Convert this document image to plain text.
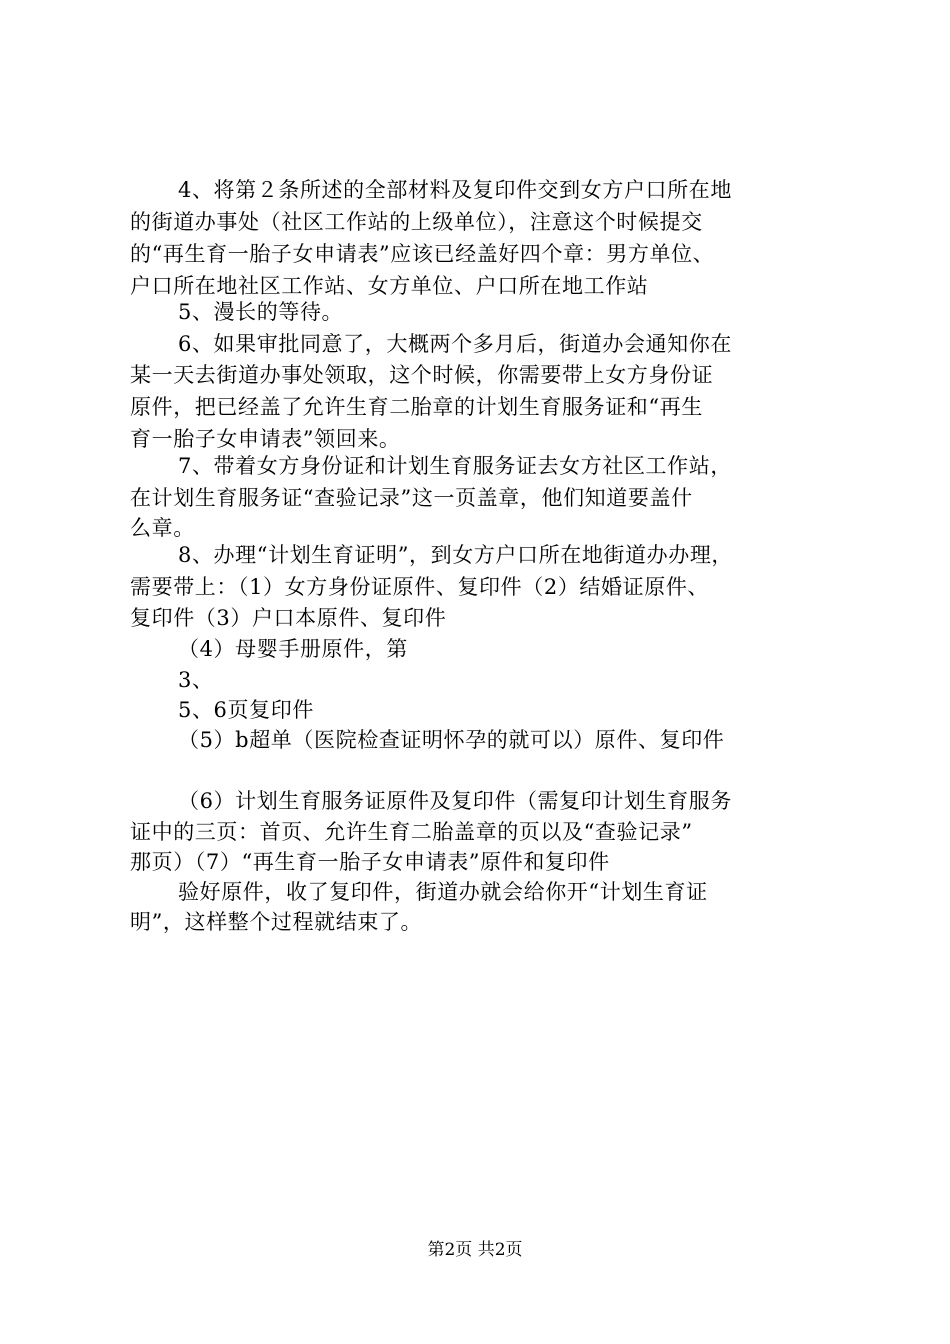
4、将第２条所述的全部材料及复印件交到女方户口所在地
的街道办事处（社区工作站的上级单位），注意这个时候提交
的“再生育一胎子女申请表”应该已经盖好四个章：男方单位、
户口所在地社区工作站、女方单位、户口所在地工作站
5、漫长的等待。
6、如果审批同意了，大概两个多月后，街道办会通知你在
某一天去街道办事处领取，这个时候，你需要带上女方身份证
原件，把已经盖了允许生育二胎章的计划生育服务证和“再生
育一胎子女申请表”领回来。
7、带着女方身份证和计划生育服务证去女方社区工作站，
在计划生育服务证“查验记录”这一页盖章，他们知道要盖什
么章。
8、办理“计划生育证明”，到女方户口所在地街道办办理，
需要带上：（1）女方身份证原件、复印件（2）结婚证原件、
复印件（3）户口本原件、复印件
（4）母婴手册原件，第
3、
5、6页复印件
（5）b超单（医院检查证明怀孕的就可以）原件、复印件
（6）计划生育服务证原件及复印件（需复印计划生育服务
证中的三页：首页、允许生育二胎盖章的页以及“查验记录”
那页）（7）“再生育一胎子女申请表”原件和复印件
验好原件，收了复印件，街道办就会给你开“计划生育证
明”，这样整个过程就结束了。
第2页 共2页
